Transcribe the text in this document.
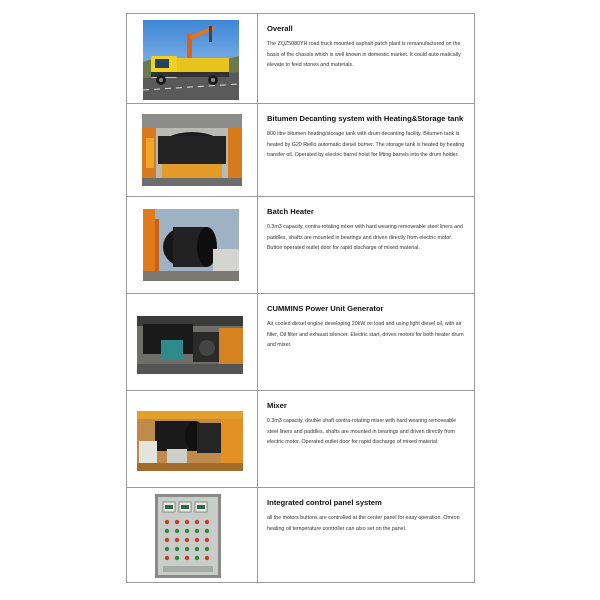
Overall
The ZQZ5080YH road truck mounted asphalt patch plant is remanufactured on the basis of the chassis which is well known in domestic market. It could auto matically elevate to feed stones and materials.

Bitumen Decanting system with Heating&Storage tank
800 litre bitumen heating/storage tank with drum decanting facility. Bitumen tank is heated by G20 Riello automatic diesel burner. The storage tank is heated by heating transfer oil. Operated by electric barrel hoist for lifting barrels into the drum holder.

Batch Heater
0.3m3 capacity, contra-rotating mixer with hard wearing removeable steel liners and paddles, shafts are mounted in bearings and driven directly from electric motor. Button operated outlet door for rapid discharge of mixed material.

CUMMINS Power Unit Generator
Air cooled diesel engine developing 20kW on load and using light diesel oil, with air filter, Oil filter and exhaust silencer. Electric start, drives motors for both heater drum and mixer.

Mixer
0.3m3 capacity, double shaft contra-rotating mixer with hard wearing removeable steel liners and paddles, shafts are mounted in bearings and driven directly from electric motor. Operated outlet door for rapid discharge of mixed material.

Integrated control panel system
all the motors buttons are controlled at the center panel for easy operation. Omron heating oil temperature controller can also set on the panel.
